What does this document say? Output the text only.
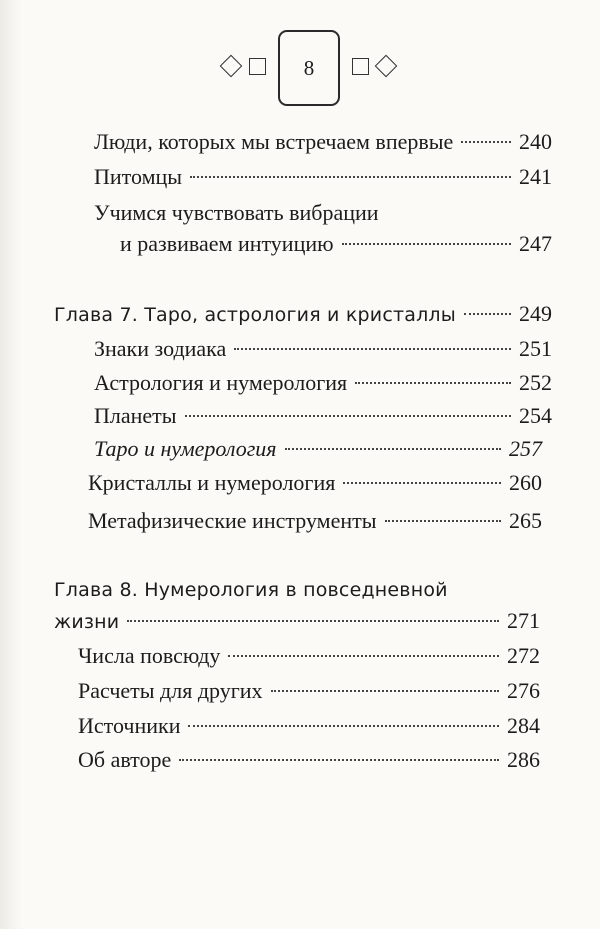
8
Люди, которых мы встречаем впервые	240
Питомцы	241
Учимся чувствовать вибрации
и развиваем интуицию	247
Глава 7. Таро, астрология и кристаллы	249
Знаки зодиака	251
Астрология и нумерология	252
Планеты	254
Таро и нумерология	257
Кристаллы и нумерология	260
Метафизические инструменты	265
Глава 8. Нумерология в повседневной
жизни	271
Числа повсюду	272
Расчеты для других	276
Источники	284
Об авторе	286
